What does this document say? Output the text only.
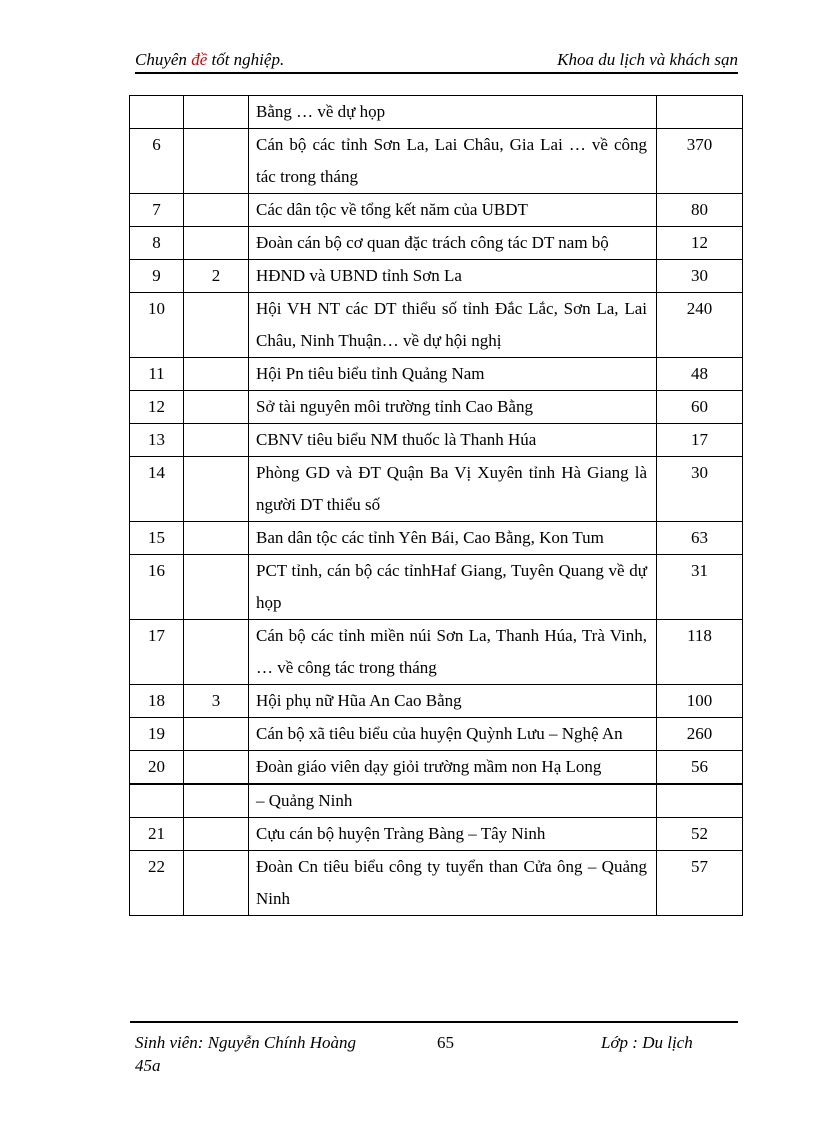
Chuyên đề tốt nghiệp.	Khoa du lịch và khách sạn
		Bằng … về dự họp	
6		Cán bộ các tỉnh Sơn La, Lai Châu, Gia Lai … về công tác trong tháng	370
7		Các dân tộc về tổng kết năm của UBDT	80
8		Đoàn cán bộ cơ quan đặc trách công tác DT nam bộ	12
9	2	HĐND và UBND tỉnh Sơn La	30
10		Hội VH NT các DT thiểu số tỉnh Đắc Lắc, Sơn La, Lai Châu, Ninh Thuận… về dự hội nghị	240
11		Hội Pn tiêu biểu tỉnh Quảng Nam	48
12		Sở tài nguyên môi trường tỉnh Cao Bằng	60
13		CBNV tiêu biểu NM thuốc là Thanh Húa	17
14		Phòng GD và ĐT Quận Ba Vị Xuyên tỉnh Hà Giang là người DT thiểu số	30
15		Ban dân tộc các tỉnh Yên Bái, Cao Bằng, Kon Tum	63
16		PCT tỉnh, cán bộ các tỉnhHaf Giang, Tuyên Quang về dự họp	31
17		Cán bộ các tỉnh miền núi Sơn La, Thanh Húa, Trà Vinh, … về công tác trong tháng	118
18	3	Hội phụ nữ Hũa An Cao Bằng	100
19		Cán bộ xã tiêu biểu của huyện Quỳnh Lưu – Nghệ An	260
20		Đoàn giáo viên dạy giỏi trường mầm non Hạ Long	56
		– Quảng Ninh	
21		Cựu cán bộ huyện Tràng Bàng – Tây Ninh	52
22		Đoàn Cn tiêu biểu công ty tuyển than Cửa ông – Quảng Ninh	57
Sinh viên: Nguyễn Chính Hoàng
45a
65	Lớp : Du lịch
